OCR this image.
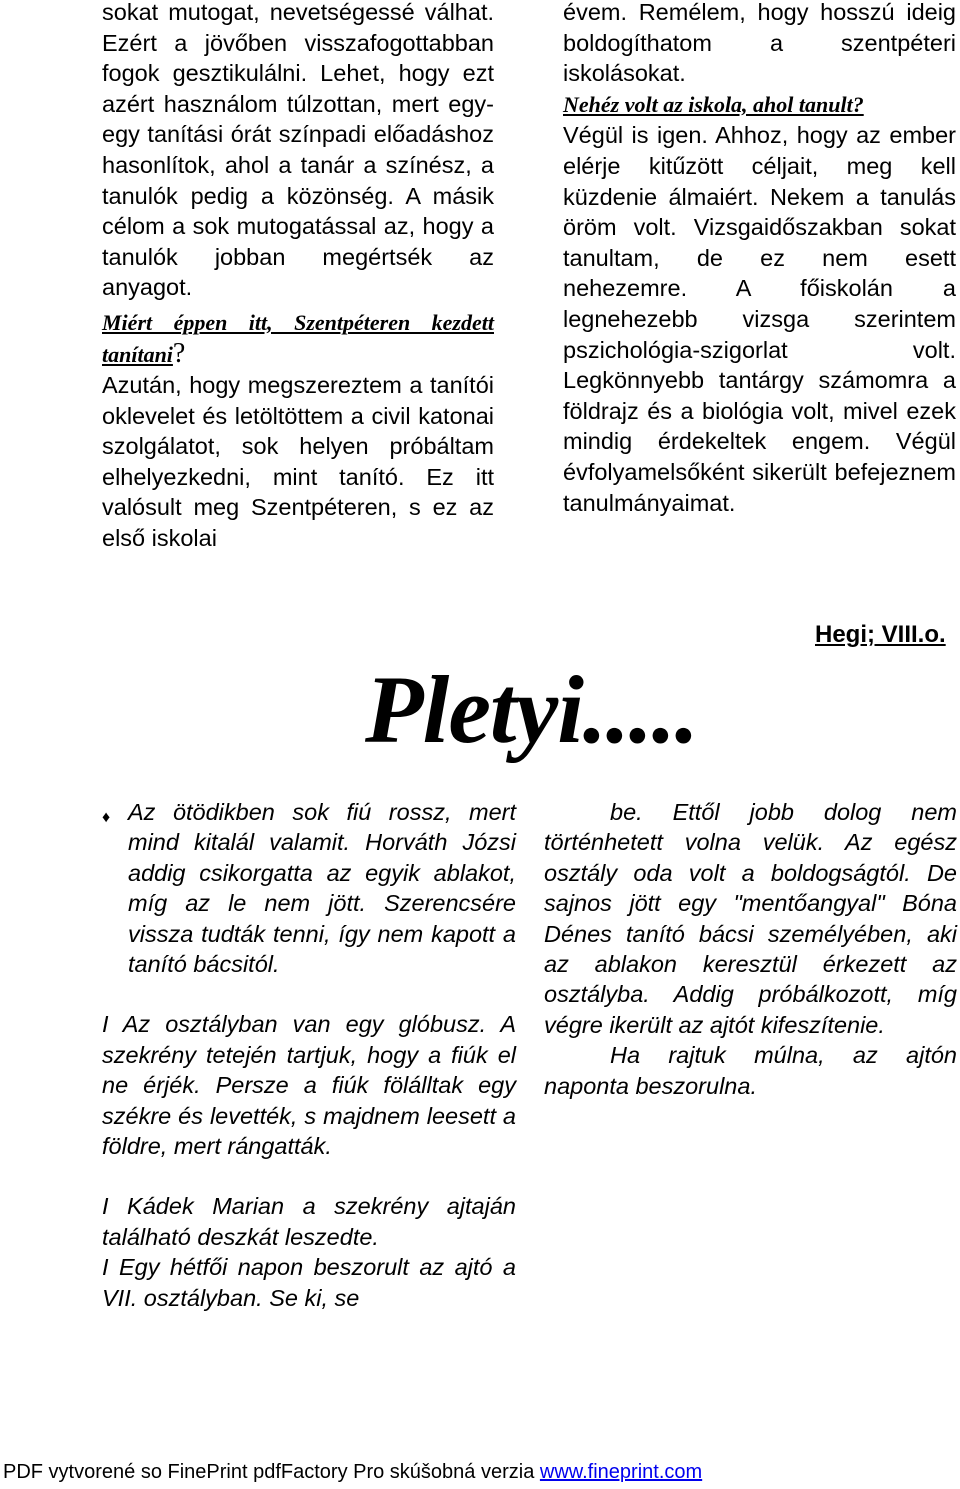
sokat mutogat, nevetségessé válhat. Ezért a jövőben visszafogottabban fogok gesztikulálni. Lehet, hogy ezt azért használom túlzottan, mert egy-egy tanítási órát színpadi előadáshoz hasonlítok, ahol a tanár a színész, a tanulók pedig a közönség. A másik célom a sok mutogatással az, hogy a tanulók jobban megértsék az anyagot.

Miért éppen itt, Szentpéteren kezdett tanítani?

Azután, hogy megszereztem a tanítói oklevelet és letöltöttem a civil katonai szolgálatot, sok helyen próbáltam elhelyezkedni, mint tanító. Ez itt valósult meg Szentpéteren, s ez az első iskolai

évem. Remélem, hogy hosszú ideig boldogíthatom a szentpéteri iskolásokat.

Nehéz volt az iskola, ahol tanult?

Végül is igen. Ahhoz, hogy az ember elérje kitűzött céljait, meg kell küzdenie álmaiért. Nekem a tanulás öröm volt. Vizsgaidőszakban sokat tanultam, de ez nem esett nehezemre. A főiskolán a legnehezebb vizsga szerintem pszichológia-szigorlat volt. Legkönnyebb tantárgy számomra a földrajz és a biológia volt, mivel ezek mindig érdekeltek engem. Végül évfolyamelsőként sikerült befejeznem tanulmányaimat.

Hegi; VIII.o.
Pletyi.....
♦ Az ötödikben sok fiú rossz, mert mind kitalál valamit. Horváth Józsi addig csikorgatta az egyik ablakot, míg az le nem jött. Szerencsére vissza tudták tenni, így nem kapott a tanító bácsitól.

I Az osztályban van egy glóbusz. A szekrény tetején tartjuk, hogy a fiúk el ne érjék. Persze a fiúk fölálltak egy székre és levették, s majdnem leesett a földre, mert rángatták.

I Kádek Marian a szekrény ajtaján található deszkát leszedte.

I Egy hétfői napon beszorult az ajtó a VII. osztályban. Se ki, se

be. Ettől jobb dolog nem történhetett volna velük. Az egész osztály oda volt a boldogságtól. De sajnos jött egy "mentőangyal" Bóna Dénes tanító bácsi személyében, aki az ablakon keresztül érkezett az osztályba. Addig próbálkozott, míg végre ikerült az ajtót kifeszítenie.

Ha rajtuk múlna, az ajtón naponta beszorulna.

PDF vytvorené so FinePrint pdfFactory Pro skúšobná verzia www.fineprint.com
